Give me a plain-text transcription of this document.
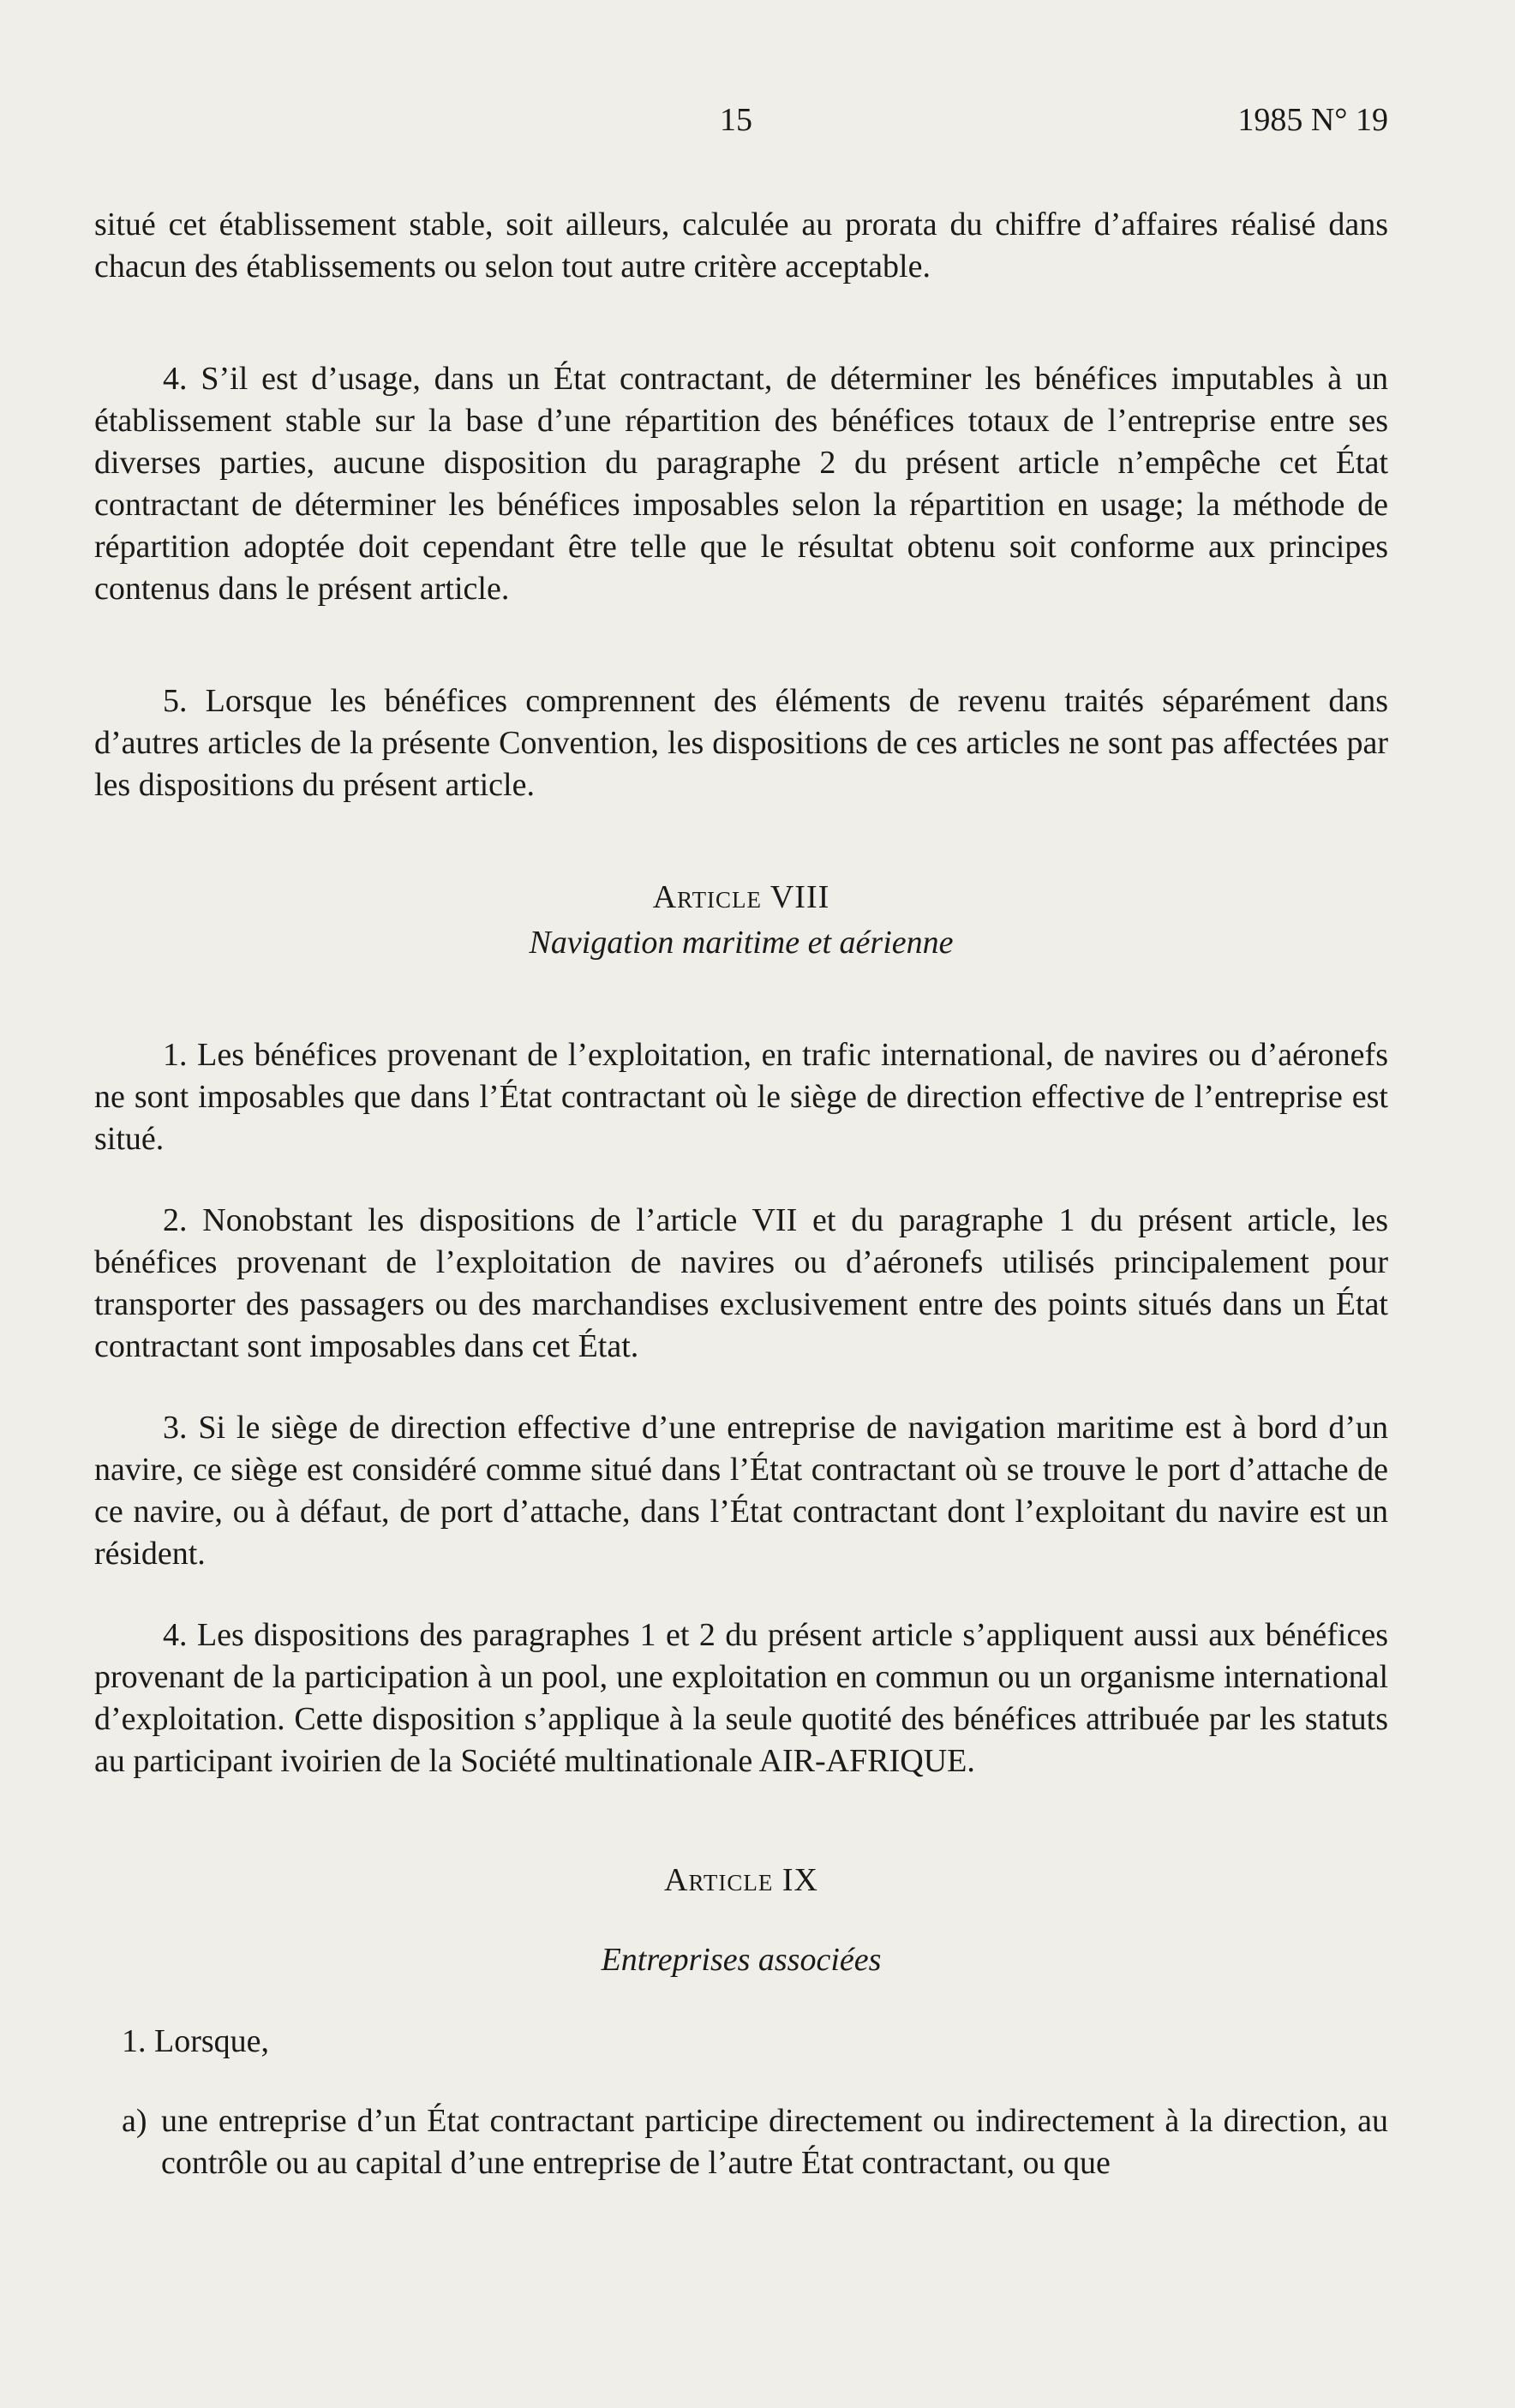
15	1985 N° 19

situé cet établissement stable, soit ailleurs, calculée au prorata du chiffre d’affaires réalisé dans chacun des établissements ou selon tout autre critère acceptable.

4. S’il est d’usage, dans un État contractant, de déterminer les bénéfices imputables à un établissement stable sur la base d’une répartition des bénéfices totaux de l’entreprise entre ses diverses parties, aucune disposition du paragraphe 2 du présent article n’empêche cet État contractant de déterminer les bénéfices imposables selon la répartition en usage; la méthode de répartition adoptée doit cependant être telle que le résultat obtenu soit conforme aux principes contenus dans le présent article.

5. Lorsque les bénéfices comprennent des éléments de revenu traités séparément dans d’autres articles de la présente Convention, les dispositions de ces articles ne sont pas affectées par les dispositions du présent article.

Article VIII

Navigation maritime et aérienne

1. Les bénéfices provenant de l’exploitation, en trafic international, de navires ou d’aéronefs ne sont imposables que dans l’État contractant où le siège de direction effective de l’entreprise est situé.

2. Nonobstant les dispositions de l’article VII et du paragraphe 1 du présent article, les bénéfices provenant de l’exploitation de navires ou d’aéronefs utilisés principalement pour transporter des passagers ou des marchandises exclusivement entre des points situés dans un État contractant sont imposables dans cet État.

3. Si le siège de direction effective d’une entreprise de navigation maritime est à bord d’un navire, ce siège est considéré comme situé dans l’État contractant où se trouve le port d’attache de ce navire, ou à défaut, de port d’attache, dans l’État contractant dont l’exploitant du navire est un résident.

4. Les dispositions des paragraphes 1 et 2 du présent article s’appliquent aussi aux bénéfices provenant de la participation à un pool, une exploitation en commun ou un organisme international d’exploitation. Cette disposition s’applique à la seule quotité des bénéfices attribuée par les statuts au participant ivoirien de la Société multinationale AIR-AFRIQUE.

Article IX

Entreprises associées

1. Lorsque,

a) une entreprise d’un État contractant participe directement ou indirectement à la direction, au contrôle ou au capital d’une entreprise de l’autre État contractant, ou que
